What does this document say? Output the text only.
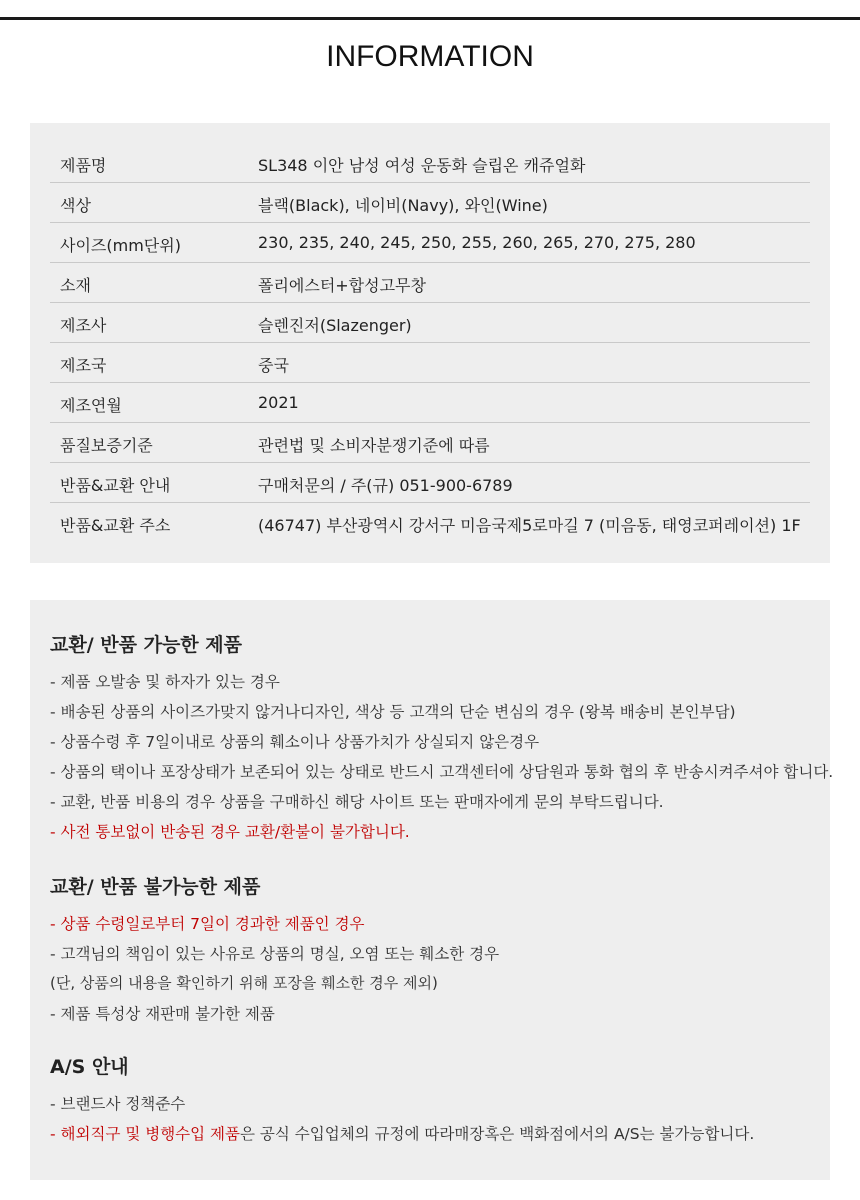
INFORMATION
제품명	SL348 이안 남성 여성 운동화 슬립온 캐쥬얼화
색상	블랙(Black), 네이비(Navy), 와인(Wine)
사이즈(mm단위)	230, 235, 240, 245, 250, 255, 260, 265, 270, 275, 280
소재	폴리에스터+합성고무창
제조사	슬렌진저(Slazenger)
제조국	중국
제조연월	2021
품질보증기준	관련법 및 소비자분쟁기준에 따름
반품&교환 안내	구매처문의 / 주(규) 051-900-6789
반품&교환 주소	(46747) 부산광역시 강서구 미음국제5로마길 7 (미음동, 태영코퍼레이션) 1F
교환/ 반품 가능한 제품
- 제품 오발송 및 하자가 있는 경우
- 배송된 상품의 사이즈가맞지 않거나디자인, 색상 등 고객의 단순 변심의 경우 (왕복 배송비 본인부담)
- 상품수령 후 7일이내로 상품의 훼소이나 상품가치가 상실되지 않은경우
- 상품의 택이나 포장상태가 보존되어 있는 상태로 반드시 고객센터에 상담원과 통화 협의 후 반송시켜주셔야 합니다.
- 교환, 반품 비용의 경우 상품을 구매하신 해당 사이트 또는 판매자에게 문의 부탁드립니다.
- 사전 통보없이 반송된 경우 교환/환불이 불가합니다.
교환/ 반품 불가능한 제품
- 상품 수령일로부터 7일이 경과한 제품인 경우
- 고객님의 책임이 있는 사유로 상품의 명실, 오염 또는 훼소한 경우
(단, 상품의 내용을 확인하기 위해 포장을 훼소한 경우 제외)
- 제품 특성상 재판매 불가한 제품
A/S 안내
- 브랜드사 정책준수
- 해외직구 및 병행수입 제품은 공식 수입업체의 규정에 따라매장혹은 백화점에서의 A/S는 불가능합니다.
